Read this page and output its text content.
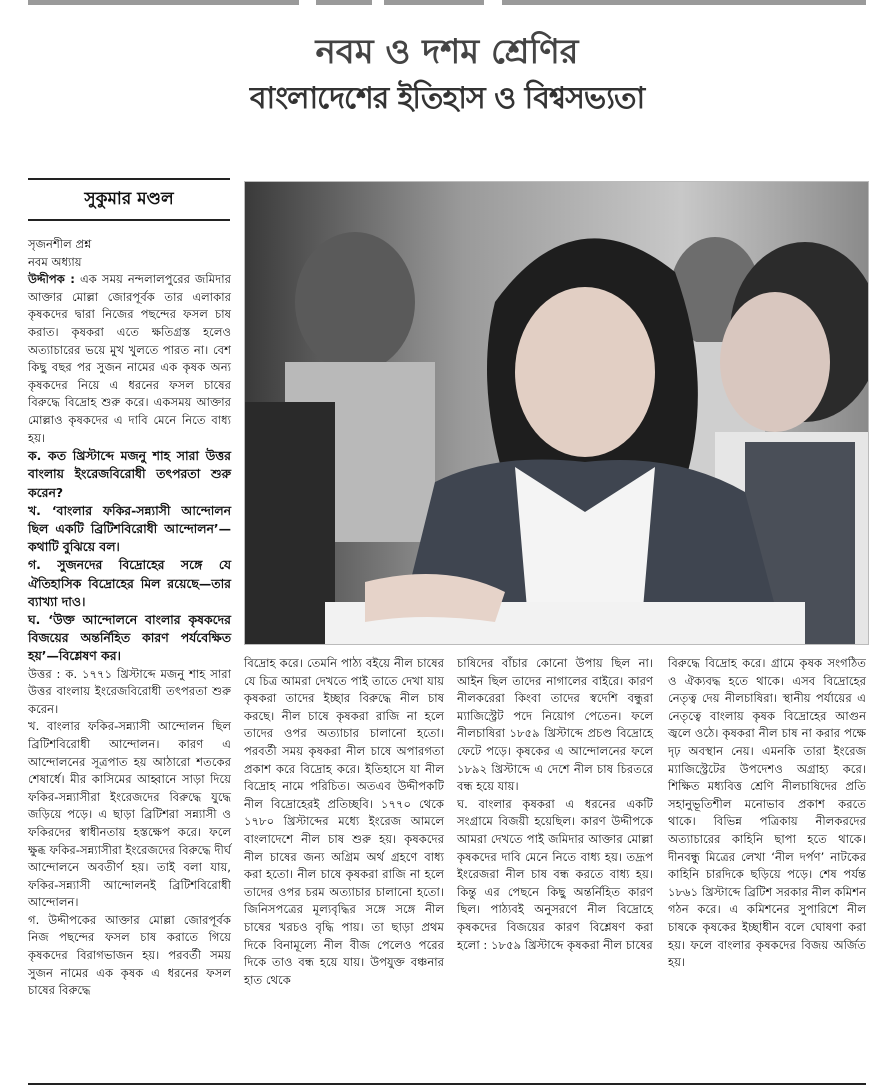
নবম ও দশম শ্রেণির
বাংলাদেশের ইতিহাস ও বিশ্বসভ্যতা
সুকুমার মণ্ডল

সৃজনশীল প্রশ্ন

নবম অধ্যায়

উদ্দীপক : এক সময় নন্দলালপুরের জমিদার আক্তার মোল্লা জোরপূর্বক তার এলাকার কৃষকদের দ্বারা নিজের পছন্দের ফসল চাষ করাত। কৃষকরা এতে ক্ষতিগ্রস্ত হলেও অত্যাচারের ভয়ে মুখ খুলতে পারত না। বেশ কিছু বছর পর সুজন নামের এক কৃষক অন্য কৃষকদের নিয়ে এ ধরনের ফসল চাষের বিরুদ্ধে বিদ্রোহ শুরু করে। একসময় আক্তার মোল্লাও কৃষকদের এ দাবি মেনে নিতে বাধ্য হয়।

ক. কত খ্রিস্টাব্দে মজনু শাহ সারা উত্তর বাংলায় ইংরেজবিরোধী তৎপরতা শুরু করেন?

খ. ‘বাংলার ফকির-সন্ন্যাসী আন্দোলন ছিল একটি ব্রিটিশবিরোধী আন্দোলন’—কথাটি বুঝিয়ে বল।

গ. সুজনদের বিদ্রোহের সঙ্গে যে ঐতিহাসিক বিদ্রোহের মিল রয়েছে—তার ব্যাখ্যা দাও।

ঘ. ‘উক্ত আন্দোলনে বাংলার কৃষকদের বিজয়ের অন্তর্নিহিত কারণ পর্যবেক্ষিত হয়’—বিশ্লেষণ কর।

উত্তর : ক. ১৭৭১ খ্রিস্টাব্দে মজনু শাহ সারা উত্তর বাংলায় ইংরেজবিরোধী তৎপরতা শুরু করেন।

খ. বাংলার ফকির-সন্ন্যাসী আন্দোলন ছিল ব্রিটিশবিরোধী আন্দোলন। কারণ এ আন্দোলনের সূত্রপাত হয় আঠারো শতকের শেষার্ধে। মীর কাসিমের আহ্বানে সাড়া দিয়ে ফকির-সন্ন্যাসীরা ইংরেজদের বিরুদ্ধে যুদ্ধে জড়িয়ে পড়ে। এ ছাড়া ব্রিটিশরা সন্ন্যাসী ও ফকিরদের স্বাধীনতায় হস্তক্ষেপ করে। ফলে ক্ষুব্ধ ফকির-সন্ন্যাসীরা ইংরেজদের বিরুদ্ধে দীর্ঘ আন্দোলনে অবতীর্ণ হয়। তাই বলা যায়, ফকির-সন্ন্যাসী আন্দোলনই ব্রিটিশবিরোধী আন্দোলন।

গ. উদ্দীপকের আক্তার মোল্লা জোরপূর্বক নিজ পছন্দের ফসল চাষ করাতে গিয়ে কৃষকদের বিরাগভাজন হয়। পরবর্তী সময় সুজন নামের এক কৃষক এ ধরনের ফসল চাষের বিরুদ্ধে

বিদ্রোহ করে। তেমনি পাঠ্য বইয়ে নীল চাষের যে চিত্র আমরা দেখতে পাই তাতে দেখা যায় কৃষকরা তাদের ইচ্ছার বিরুদ্ধে নীল চাষ করছে। নীল চাষে কৃষকরা রাজি না হলে তাদের ওপর অত্যাচার চালানো হতো। পরবর্তী সময় কৃষকরা নীল চাষে অপারগতা প্রকাশ করে বিদ্রোহ করে। ইতিহাসে যা নীল বিদ্রোহ নামে পরিচিত। অতএব উদ্দীপকটি নীল বিদ্রোহেরই প্রতিচ্ছবি। ১৭৭০ থেকে ১৭৮০ খ্রিস্টাব্দের মধ্যে ইংরেজ আমলে বাংলাদেশে নীল চাষ শুরু হয়। কৃষকদের নীল চাষের জন্য অগ্রিম অর্থ গ্রহণে বাধ্য করা হতো। নীল চাষে কৃষকরা রাজি না হলে তাদের ওপর চরম অত্যাচার চালানো হতো। জিনিসপত্রের মূল্যবৃদ্ধির সঙ্গে সঙ্গে নীল চাষের খরচও বৃদ্ধি পায়। তা ছাড়া প্রথম দিকে বিনামূল্যে নীল বীজ পেলেও পরের দিকে তাও বন্ধ হয়ে যায়। উপযুক্ত বঞ্চনার হাত থেকে

চাষিদের বাঁচার কোনো উপায় ছিল না। আইন ছিল তাদের নাগালের বাইরে। কারণ নীলকরেরা কিংবা তাদের স্বদেশি বন্ধুরা ম্যাজিস্ট্রেট পদে নিয়োগ পেতেন। ফলে নীলচাষিরা ১৮৫৯ খ্রিস্টাব্দে প্রচণ্ড বিদ্রোহে ফেটে পড়ে। কৃষকের এ আন্দোলনের ফলে ১৮৯২ খ্রিস্টাব্দে এ দেশে নীল চাষ চিরতরে বন্ধ হয়ে যায়।

ঘ. বাংলার কৃষকরা এ ধরনের একটি সংগ্রামে বিজয়ী হয়েছিল। কারণ উদ্দীপকে আমরা দেখতে পাই জমিদার আক্তার মোল্লা কৃষকদের দাবি মেনে নিতে বাধ্য হয়। তদ্রূপ ইংরেজরা নীল চাষ বন্ধ করতে বাধ্য হয়। কিন্তু এর পেছনে কিছু অন্তর্নিহিত কারণ ছিল। পাঠ্যবই অনুসরণে নীল বিদ্রোহে কৃষকদের বিজয়ের কারণ বিশ্লেষণ করা হলো : ১৮৫৯ খ্রিস্টাব্দে কৃষকরা নীল চাষের

বিরুদ্ধে বিদ্রোহ করে। গ্রামে কৃষক সংগঠিত ও ঐক্যবদ্ধ হতে থাকে। এসব বিদ্রোহের নেতৃত্ব দেয় নীলচাষিরা। স্থানীয় পর্যায়ের এ নেতৃত্বে বাংলায় কৃষক বিদ্রোহের আগুন জ্বলে ওঠে। কৃষকরা নীল চাষ না করার পক্ষে দৃঢ় অবস্থান নেয়। এমনকি তারা ইংরেজ ম্যাজিস্ট্রেটের উপদেশও অগ্রাহ্য করে। শিক্ষিত মধ্যবিত্ত শ্রেণি নীলচাষিদের প্রতি সহানুভূতিশীল মনোভাব প্রকাশ করতে থাকে। বিভিন্ন পত্রিকায় নীলকরদের অত্যাচারের কাহিনি ছাপা হতে থাকে। দীনবন্ধু মিত্রের লেখা ‘নীল দর্পণ’ নাটকের কাহিনি চারদিকে ছড়িয়ে পড়ে। শেষ পর্যন্ত ১৮৬১ খ্রিস্টাব্দে ব্রিটিশ সরকার নীল কমিশন গঠন করে। এ কমিশনের সুপারিশে নীল চাষকে কৃষকের ইচ্ছাধীন বলে ঘোষণা করা হয়। ফলে বাংলার কৃষকদের বিজয় অর্জিত হয়।
